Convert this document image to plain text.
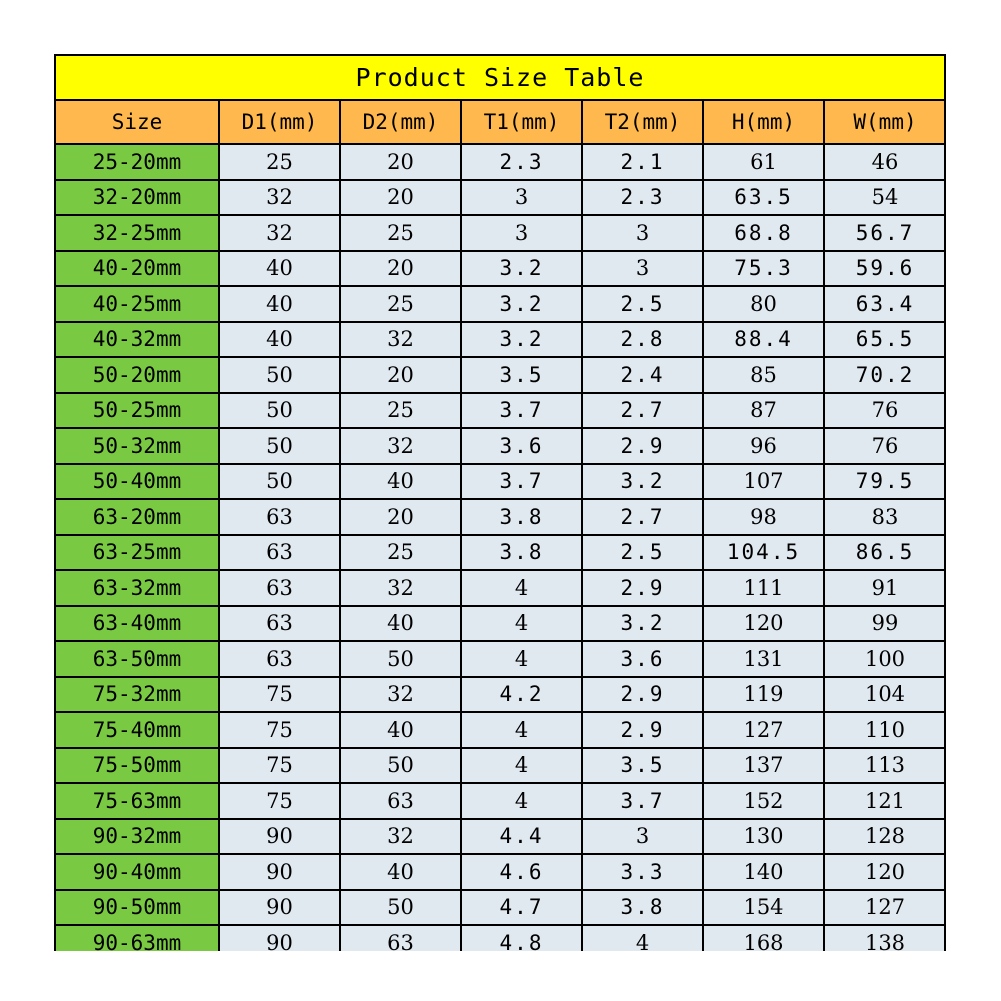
Product Size Table
Size	D1(mm)	D2(mm)	T1(mm)	T2(mm)	H(mm)	W(mm)
25-20mm	25	20	2.3	2.1	61	46
32-20mm	32	20	3	2.3	63.5	54
32-25mm	32	25	3	3	68.8	56.7
40-20mm	40	20	3.2	3	75.3	59.6
40-25mm	40	25	3.2	2.5	80	63.4
40-32mm	40	32	3.2	2.8	88.4	65.5
50-20mm	50	20	3.5	2.4	85	70.2
50-25mm	50	25	3.7	2.7	87	76
50-32mm	50	32	3.6	2.9	96	76
50-40mm	50	40	3.7	3.2	107	79.5
63-20mm	63	20	3.8	2.7	98	83
63-25mm	63	25	3.8	2.5	104.5	86.5
63-32mm	63	32	4	2.9	111	91
63-40mm	63	40	4	3.2	120	99
63-50mm	63	50	4	3.6	131	100
75-32mm	75	32	4.2	2.9	119	104
75-40mm	75	40	4	2.9	127	110
75-50mm	75	50	4	3.5	137	113
75-63mm	75	63	4	3.7	152	121
90-32mm	90	32	4.4	3	130	128
90-40mm	90	40	4.6	3.3	140	120
90-50mm	90	50	4.7	3.8	154	127
90-63mm	90	63	4.8	4	168	138
